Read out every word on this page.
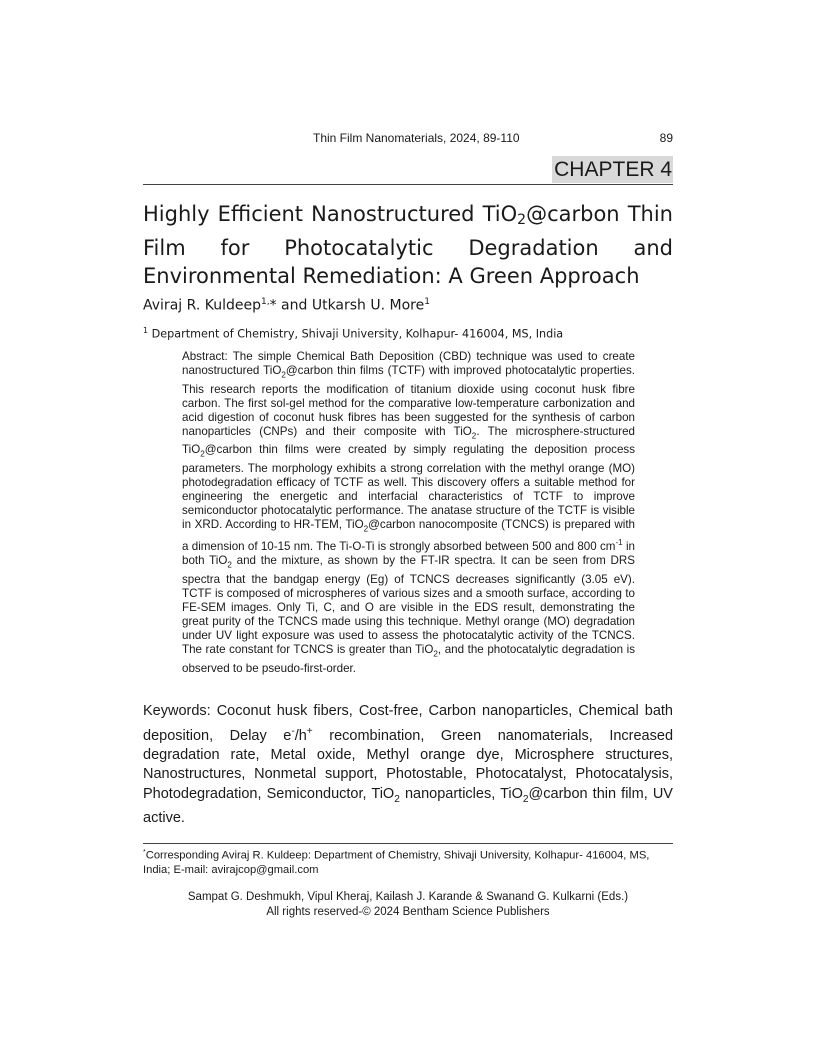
Thin Film Nanomaterials, 2024, 89-110	89
CHAPTER 4
Highly Efficient Nanostructured TiO$_2$@carbon Thin Film for Photocatalytic Degradation and Environmental Remediation: A Green Approach
Aviraj R. Kuldeep$^{1,}$* and Utkarsh U. More$^1$
$^1$ Department of Chemistry, Shivaji University, Kolhapur- 416004, MS, India
Abstract: The simple Chemical Bath Deposition (CBD) technique was used to create nanostructured TiO$_2$@carbon thin films (TCTF) with improved photocatalytic properties. This research reports the modification of titanium dioxide using coconut husk fibre carbon. The first sol-gel method for the comparative low-temperature carbonization and acid digestion of coconut husk fibres has been suggested for the synthesis of carbon nanoparticles (CNPs) and their composite with TiO$_2$. The microsphere-structured TiO$_2$@carbon thin films were created by simply regulating the deposition process parameters. The morphology exhibits a strong correlation with the methyl orange (MO) photodegradation efficacy of TCTF as well. This discovery offers a suitable method for engineering the energetic and interfacial characteristics of TCTF to improve semiconductor photocatalytic performance. The anatase structure of the TCTF is visible in XRD. According to HR-TEM, TiO$_2$@carbon nanocomposite (TCNCS) is prepared with a dimension of 10-15 nm. The Ti-O-Ti is strongly absorbed between 500 and 800 $cm^{-1}$ in both TiO$_2$ and the mixture, as shown by the FT-IR spectra. It can be seen from DRS spectra that the bandgap energy (Eg) of TCNCS decreases significantly (3.05 eV). TCTF is composed of microspheres of various sizes and a smooth surface, according to FE-SEM images. Only Ti, C, and O are visible in the EDS result, demonstrating the great purity of the TCNCS made using this technique. Methyl orange (MO) degradation under UV light exposure was used to assess the photocatalytic activity of the TCNCS. The rate constant for TCNCS is greater than TiO$_2$, and the photocatalytic degradation is observed to be pseudo-first-order.
Keywords: Coconut husk fibers, Cost-free, Carbon nanoparticles, Chemical bath deposition, Delay e-/h+ recombination, Green nanomaterials, Increased degradation rate, Metal oxide, Methyl orange dye, Microsphere structures, Nanostructures, Nonmetal support, Photostable, Photocatalyst, Photocatalysis, Photodegradation, Semiconductor, TiO$_2$ nanoparticles, TiO$_2$@carbon thin film, UV active.
*Corresponding Aviraj R. Kuldeep: Department of Chemistry, Shivaji University, Kolhapur- 416004, MS, India; E-mail: avirajcop@gmail.com
Sampat G. Deshmukh, Vipul Kheraj, Kailash J. Karande & Swanand G. Kulkarni (Eds.)
All rights reserved-© 2024 Bentham Science Publishers
